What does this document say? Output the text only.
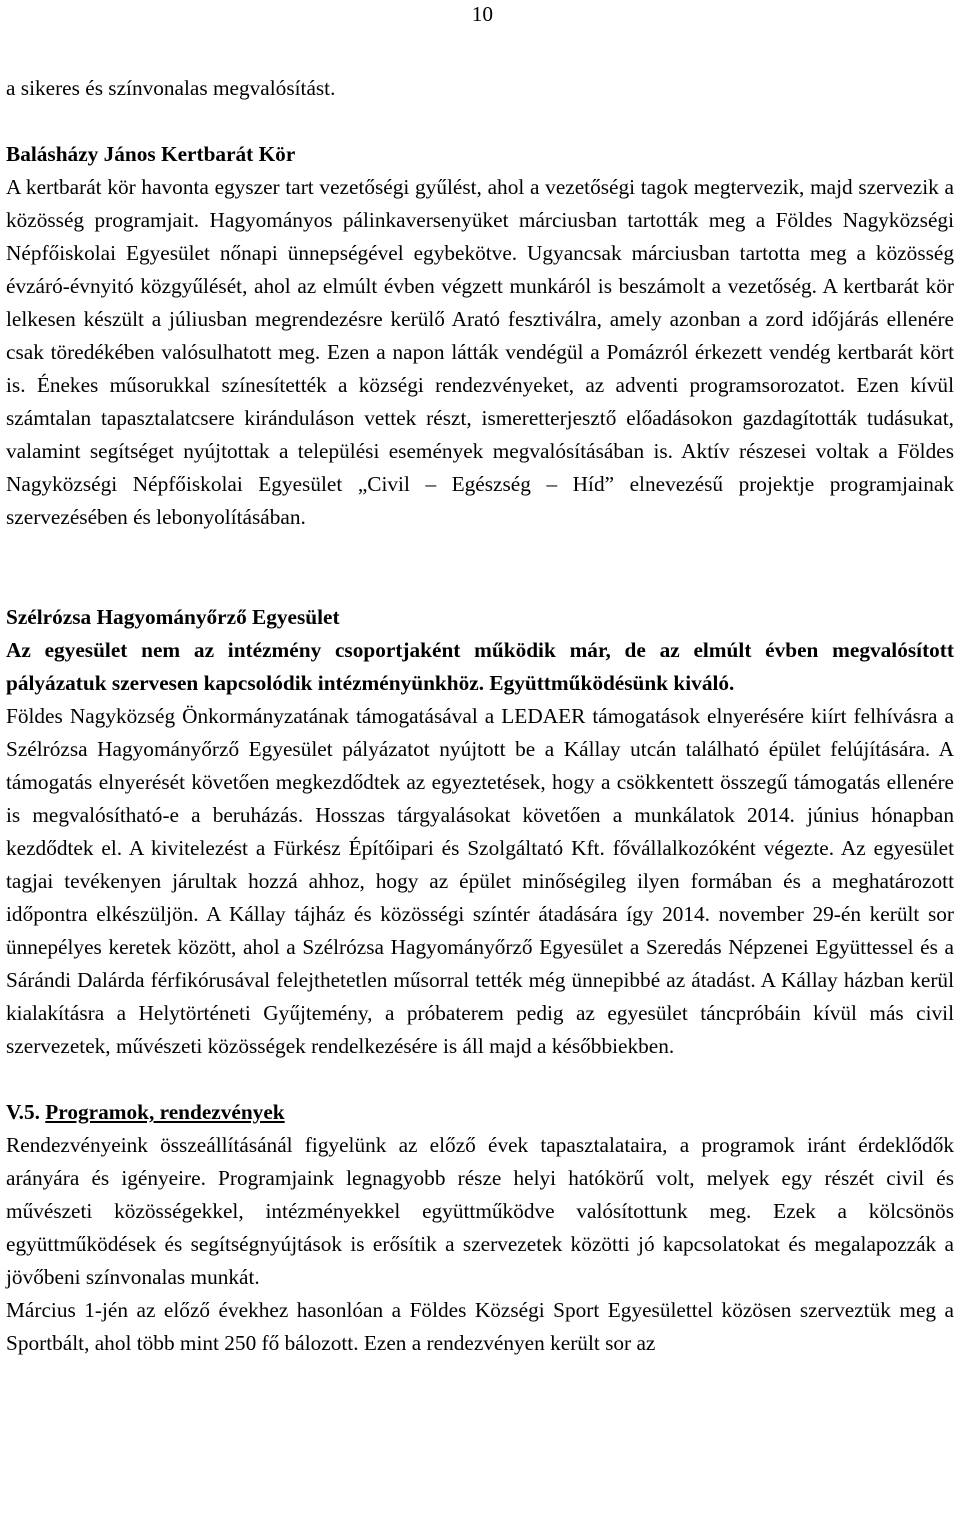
10

a sikeres és színvonalas megvalósítást.

Balásházy János Kertbarát Kör

A kertbarát kör havonta egyszer tart vezetőségi gyűlést, ahol a vezetőségi tagok megtervezik, majd szervezik a közösség programjait. Hagyományos pálinkaversenyüket márciusban tartották meg a Földes Nagyközségi Népfőiskolai Egyesület nőnapi ünnepségével egybekötve. Ugyancsak márciusban tartotta meg a közösség évzáró-évnyitó közgyűlését, ahol az elmúlt évben végzett munkáról is beszámolt a vezetőség. A kertbarát kör lelkesen készült a júliusban megrendezésre kerülő Arató fesztiválra, amely azonban a zord időjárás ellenére csak töredékében valósulhatott meg. Ezen a napon látták vendégül a Pomázról érkezett vendég kertbarát kört is. Énekes műsorukkal színesítették a községi rendezvényeket, az adventi programsorozatot. Ezen kívül számtalan tapasztalatcsere kiránduláson vettek részt, ismeretterjesztő előadásokon gazdagították tudásukat, valamint segítséget nyújtottak a települési események megvalósításában is. Aktív részesei voltak a Földes Nagyközségi Népfőiskolai Egyesület „Civil – Egészség – Híd” elnevezésű projektje programjainak szervezésében és lebonyolításában.

Szélrózsa Hagyományőrző Egyesület

Az egyesület nem az intézmény csoportjaként működik már, de az elmúlt évben megvalósított pályázatuk szervesen kapcsolódik intézményünkhöz. Együttműködésünk kiváló.

Földes Nagyközség Önkormányzatának támogatásával a LEDAER támogatások elnyerésére kiírt felhívásra a Szélrózsa Hagyományőrző Egyesület pályázatot nyújtott be a Kállay utcán található épület felújítására. A támogatás elnyerését követően megkezdődtek az egyeztetések, hogy a csökkentett összegű támogatás ellenére is megvalósítható-e a beruházás. Hosszas tárgyalásokat követően a munkálatok 2014. június hónapban kezdődtek el. A kivitelezést a Fürkész Építőipari és Szolgáltató Kft. fővállalkozóként végezte. Az egyesület tagjai tevékenyen járultak hozzá ahhoz, hogy az épület minőségileg ilyen formában és a meghatározott időpontra elkészüljön. A Kállay tájház és közösségi színtér átadására így 2014. november 29-én került sor ünnepélyes keretek között, ahol a Szélrózsa Hagyományőrző Egyesület a Szeredás Népzenei Együttessel és a Sárándi Dalárda férfikórusával felejthetetlen műsorral tették még ünnepibbé az átadást. A Kállay házban kerül kialakításra a Helytörténeti Gyűjtemény, a próbaterem pedig az egyesület táncpróbáin kívül más civil szervezetek, művészeti közösségek rendelkezésére is áll majd a későbbiekben.

V.5. Programok, rendezvények

Rendezvényeink összeállításánál figyelünk az előző évek tapasztalataira, a programok iránt érdeklődők arányára és igényeire. Programjaink legnagyobb része helyi hatókörű volt, melyek egy részét civil és művészeti közösségekkel, intézményekkel együttműködve valósítottunk meg. Ezek a kölcsönös együttműködések és segítségnyújtások is erősítik a szervezetek közötti jó kapcsolatokat és megalapozzák a jövőbeni színvonalas munkát.

Március 1-jén az előző évekhez hasonlóan a Földes Községi Sport Egyesülettel közösen szerveztük meg a Sportbált, ahol több mint 250 fő bálozott. Ezen a rendezvényen került sor az
